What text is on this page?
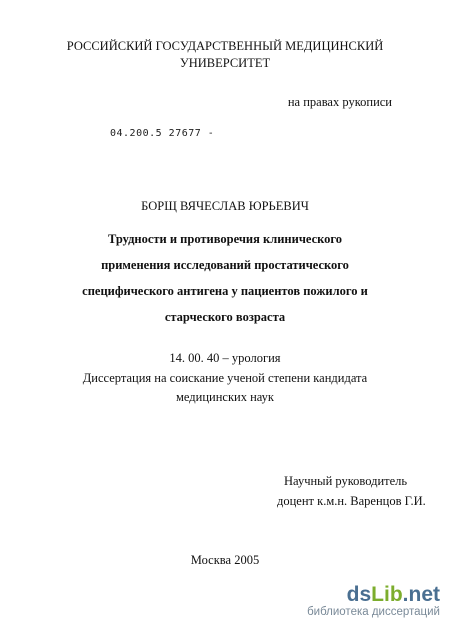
РОССИЙСКИЙ ГОСУДАРСТВЕННЫЙ МЕДИЦИНСКИЙ
УНИВЕРСИТЕТ
на правах рукописи
04.200.5 27677 -
БОРЩ ВЯЧЕСЛАВ ЮРЬЕВИЧ
Трудности и противоречия клинического
применения исследований простатического
специфического антигена у пациентов пожилого и
старческого возраста
14. 00. 40 – урология
Диссертация на соискание ученой степени кандидата
медицинских наук
Научный руководитель
доцент к.м.н. Варенцов Г.И.
Москва 2005
dsLib.net
библиотека диссертаций
